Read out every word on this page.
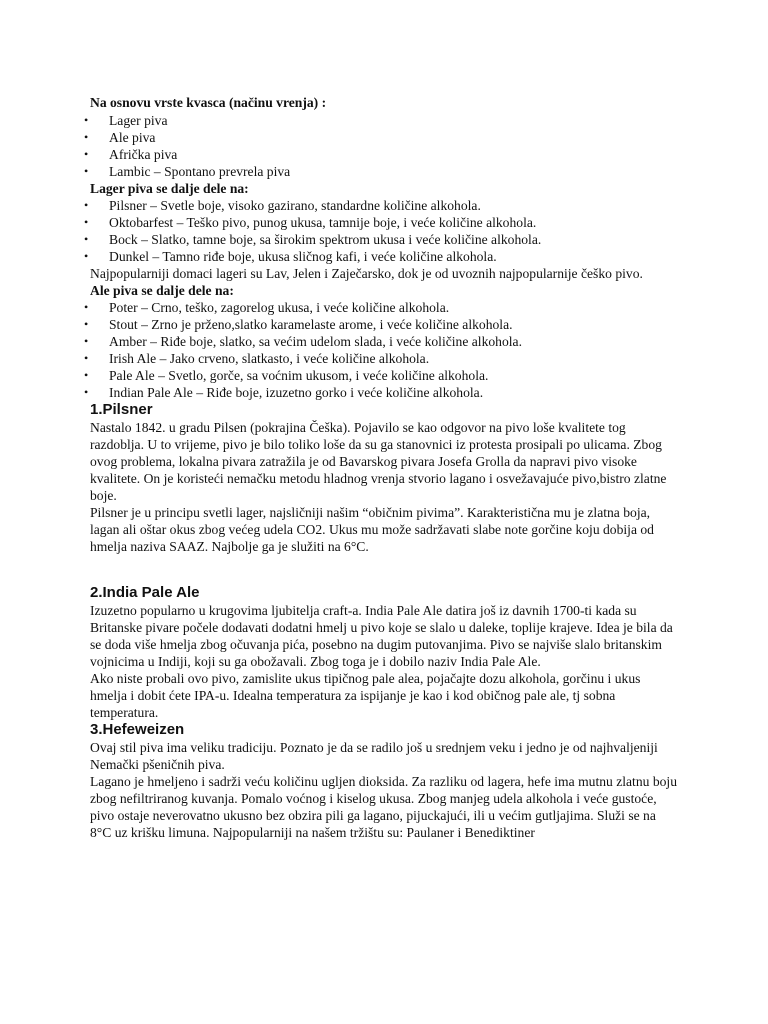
Na osnovu vrste kvasca (načinu vrenja) :

• Lager piva
• Ale piva
• Afrička piva
• Lambic – Spontano prevrela piva

Lager piva se dalje dele na:

• Pilsner – Svetle boje, visoko gazirano, standardne količine alkohola.
• Oktobarfest – Teško pivo, punog ukusa, tamnije boje, i veće količine alkohola.
• Bock – Slatko, tamne boje, sa širokim spektrom ukusa i veće količine alkohola.
• Dunkel – Tamno riđe boje, ukusa sličnog kafi, i veće količine alkohola.

Najpopularniji domaci lageri su Lav, Jelen i Zaječarsko, dok je od uvoznih najpopularnije češko pivo.

Ale piva se dalje dele na:

• Poter – Crno, teško, zagorelog ukusa, i veće količine alkohola.
• Stout – Zrno je prženo,slatko karamelaste arome, i veće količine alkohola.
• Amber – Riđe boje, slatko, sa većim udelom slada, i veće količine alkohola.
• Irish Ale – Jako crveno, slatkasto, i veće količine alkohola.
• Pale Ale – Svetlo, gorče, sa voćnim ukusom, i veće količine alkohola.
• Indian Pale Ale – Riđe boje, izuzetno gorko i veće količine alkohola.

1.Pilsner

Nastalo 1842. u gradu Pilsen (pokrajina Češka). Pojavilo se kao odgovor na pivo loše kvalitete tog razdoblja. U to vrijeme, pivo je bilo toliko loše da su ga stanovnici iz protesta prosipali po ulicama. Zbog ovog problema, lokalna pivara zatražila je od Bavarskog pivara Josefa Grolla da napravi pivo visoke kvalitete. On je koristeći nemačku metodu hladnog vrenja stvorio lagano i osvežavajuće pivo,bistro zlatne boje.

Pilsner je u principu svetli lager, najsličniji našim “običnim pivima”. Karakteristična mu je zlatna boja, lagan ali oštar okus zbog većeg udela CO2. Ukus mu može sadržavati slabe note gorčine koju dobija od hmelja naziva SAAZ. Najbolje ga je služiti na 6°C.

2.India Pale Ale

Izuzetno popularno u krugovima ljubitelja craft-a. India Pale Ale datira još iz davnih 1700-ti kada su Britanske pivare počele dodavati dodatni hmelj u pivo koje se slalo u daleke, toplije krajeve. Idea je bila da se doda više hmelja zbog očuvanja pića, posebno na dugim putovanjima. Pivo se najviše slalo britanskim vojnicima u Indiji, koji su ga obožavali. Zbog toga je i dobilo naziv India Pale Ale.

Ako niste probali ovo pivo, zamislite ukus tipičnog pale alea, pojačajte dozu alkohola, gorčinu i ukus hmelja i dobit ćete IPA-u. Idealna temperatura za ispijanje je kao i kod običnog pale ale, tj sobna temperatura.

3.Hefeweizen

Ovaj stil piva ima veliku tradiciju. Poznato je da se radilo još u srednjem veku i jedno je od najhvaljeniji Nemački pšeničnih piva.

Lagano je hmeljeno i sadrži veću količinu ugljen dioksida. Za razliku od lagera, hefe ima mutnu zlatnu boju zbog nefiltriranog kuvanja. Pomalo voćnog i kiselog ukusa. Zbog manjeg udela alkohola i veće gustoće, pivo ostaje neverovatno ukusno bez obzira pili ga lagano, pijuckajući, ili u većim gutljajima. Služi se na 8°C uz krišku limuna. Najpopularniji na našem tržištu su: Paulaner i Benediktiner
